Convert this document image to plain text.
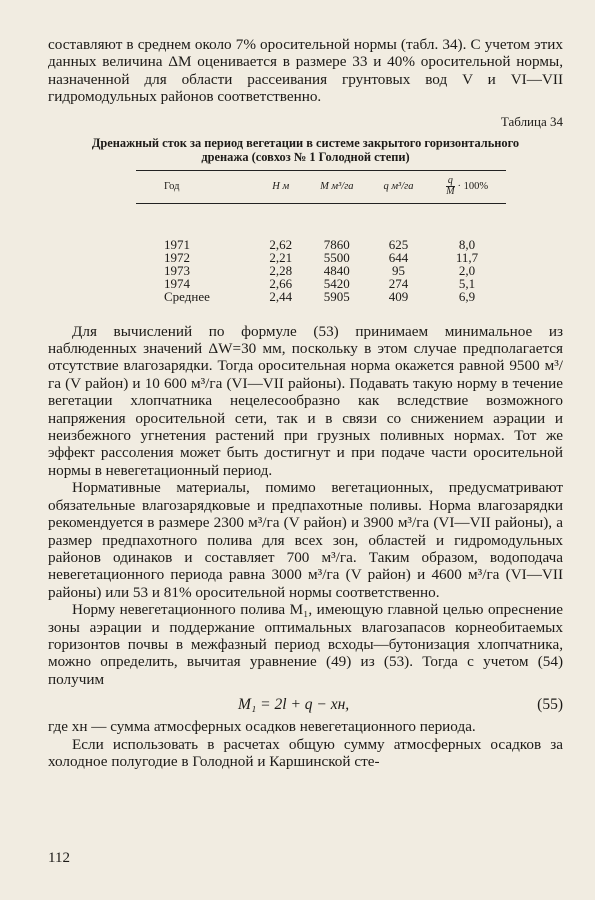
составляют в среднем около 7% оросительной нормы (табл. 34). С учетом этих данных величина ΔM оценивается в размере 33 и 40% оросительной нормы, назначенной для области рассеивания грунтовых вод V и VI—VII гидромодульных районов соответственно.

Таблица 34
Дренажный сток за период вегетации в системе закрытого горизонтального дренажа (совхоз № 1 Голодной степи)
Год	H м	M м³/га	q м³/га	$\frac{q}{M} \cdot 100\%$
1971	2,62	7860	625	8,0
1972	2,21	5500	644	11,7
1973	2,28	4840	95	2,0
1974	2,66	5420	274	5,1
Среднее	2,44	5905	409	6,9

Для вычислений по формуле (53) принимаем минимальное из наблюденных значений ΔW=30 мм, поскольку в этом случае предполагается отсутствие влагозарядки. Тогда оросительная норма окажется равной 9500 м³/га (V район) и 10 600 м³/га (VI—VII районы). Подавать такую норму в течение вегетации хлопчатника нецелесообразно как вследствие возможного напряжения оросительной сети, так и в связи со снижением аэрации и неизбежного угнетения растений при грузных поливных нормах. Тот же эффект рассоления может быть достигнут и при подаче части оросительной нормы в невегетационный период.

Нормативные материалы, помимо вегетационных, предусматривают обязательные влагозарядковые и предпахотные поливы. Норма влагозарядки рекомендуется в размере 2300 м³/га (V район) и 3900 м³/га (VI—VII районы), а размер предпахотного полива для всех зон, областей и гидромодульных районов одинаков и составляет 700 м³/га. Таким образом, водоподача невегетационного периода равна 3000 м³/га (V район) и 4600 м³/га (VI—VII районы) или 53 и 81% оросительной нормы соответственно.

Норму невегетационного полива M₁, имеющую главной целью опреснение зоны аэрации и поддержание оптимальных влагозапасов корнеобитаемых горизонтов почвы в межфазный период всходы—бутонизация хлопчатника, можно определить, вычитая уравнение (49) из (53). Тогда с учетом (54) получим

M₁ = 2l + q − xн,	(55)

где xн — сумма атмосферных осадков невегетационного периода.

Если использовать в расчетах общую сумму атмосферных осадков за холодное полугодие в Голодной и Каршинской сте-

112
